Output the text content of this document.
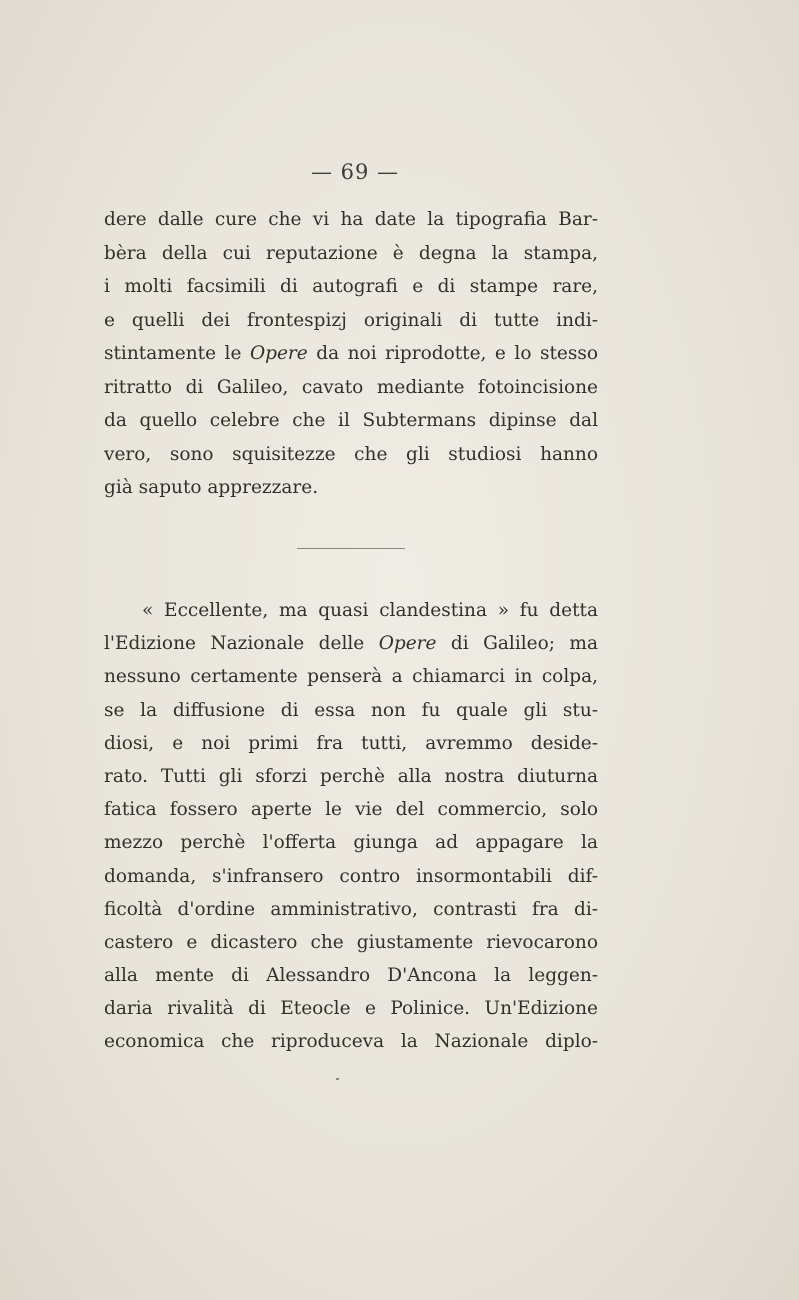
— 69 —
dere dalle cure che vi ha date la tipografia Bar-
bèra della cui reputazione è degna la stampa,
i molti facsimili di autografi e di stampe rare,
e quelli dei frontespizj originali di tutte indi-
stintamente le Opere da noi riprodotte, e lo stesso
ritratto di Galileo, cavato mediante fotoincisione
da quello celebre che il Subtermans dipinse dal
vero, sono squisitezze che gli studiosi hanno
già saputo apprezzare.
« Eccellente, ma quasi clandestina » fu detta
l'Edizione Nazionale delle Opere di Galileo; ma
nessuno certamente penserà a chiamarci in colpa,
se la diffusione di essa non fu quale gli stu-
diosi, e noi primi fra tutti, avremmo deside-
rato. Tutti gli sforzi perchè alla nostra diuturna
fatica fossero aperte le vie del commercio, solo
mezzo perchè l'offerta giunga ad appagare la
domanda, s'infransero contro insormontabili dif-
ficoltà d'ordine amministrativo, contrasti fra di-
castero e dicastero che giustamente rievocarono
alla mente di Alessandro D'Ancona la leggen-
daria rivalità di Eteocle e Polinice. Un'Edizione
economica che riproduceva la Nazionale diplo-
